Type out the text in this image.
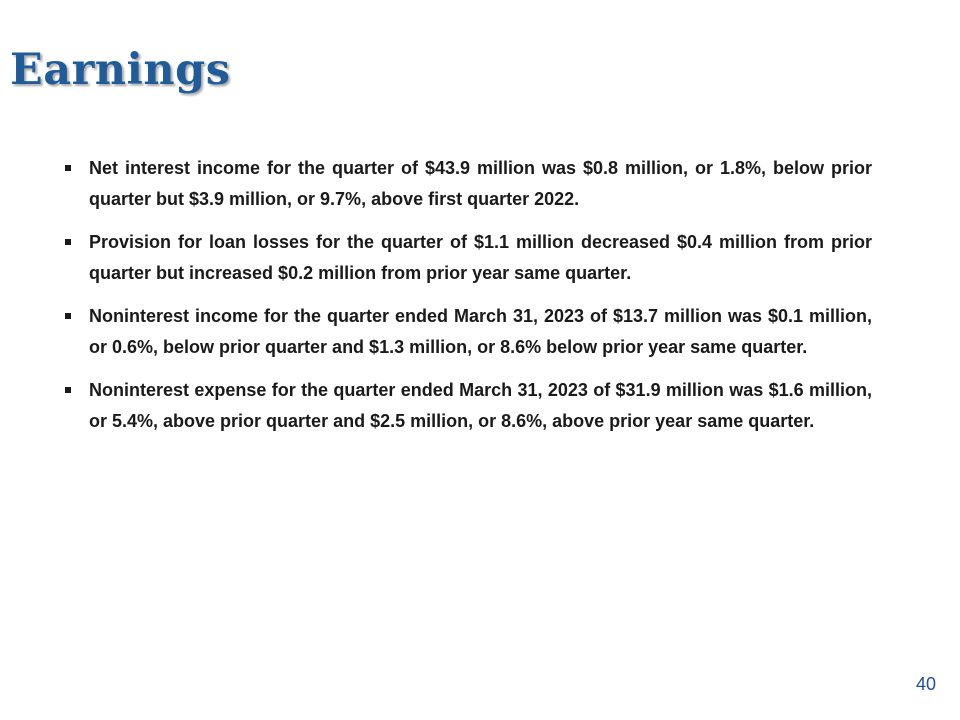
Earnings
Net interest income for the quarter of $43.9 million was $0.8 million, or 1.8%, below prior quarter but $3.9 million, or 9.7%, above first quarter 2022.
Provision for loan losses for the quarter of $1.1 million decreased $0.4 million from prior quarter but increased $0.2 million from prior year same quarter.
Noninterest income for the quarter ended March 31, 2023 of $13.7 million was $0.1 million, or 0.6%, below prior quarter and $1.3 million, or 8.6% below prior year same quarter.
Noninterest expense for the quarter ended March 31, 2023 of $31.9 million was $1.6 million, or 5.4%, above prior quarter and $2.5 million, or 8.6%, above prior year same quarter.
40
